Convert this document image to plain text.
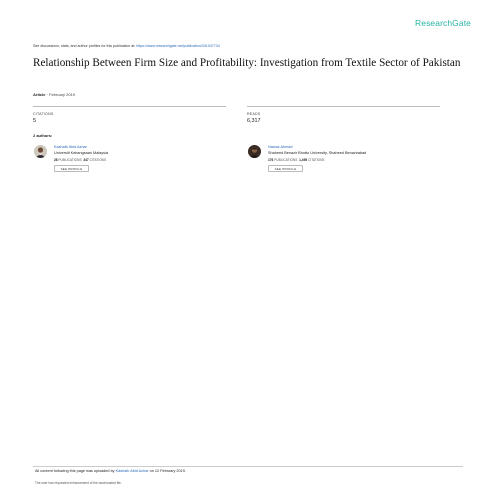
ResearchGate
See discussions, stats, and author profiles for this publication at: https://www.researchgate.net/publication/331047734
Relationship Between Firm Size and Profitability: Investigation from Textile Sector of Pakistan
Article · February 2019
CITATIONS
5
READS
6,317
2 authors:
Kashaib Abid Azhar
Universiti Kebangsaan Malaysia
28 PUBLICATIONS 347 CITATIONS
SEE PROFILE
Nawaz Ahmad
Shaheed Benazir Bhutto University, Shaheed Benazirabad
176 PUBLICATIONS 1,495 CITATIONS
SEE PROFILE
All content following this page was uploaded by Kashaib Abid Azhar on 12 February 2019.
The user has requested enhancement of the downloaded file.
